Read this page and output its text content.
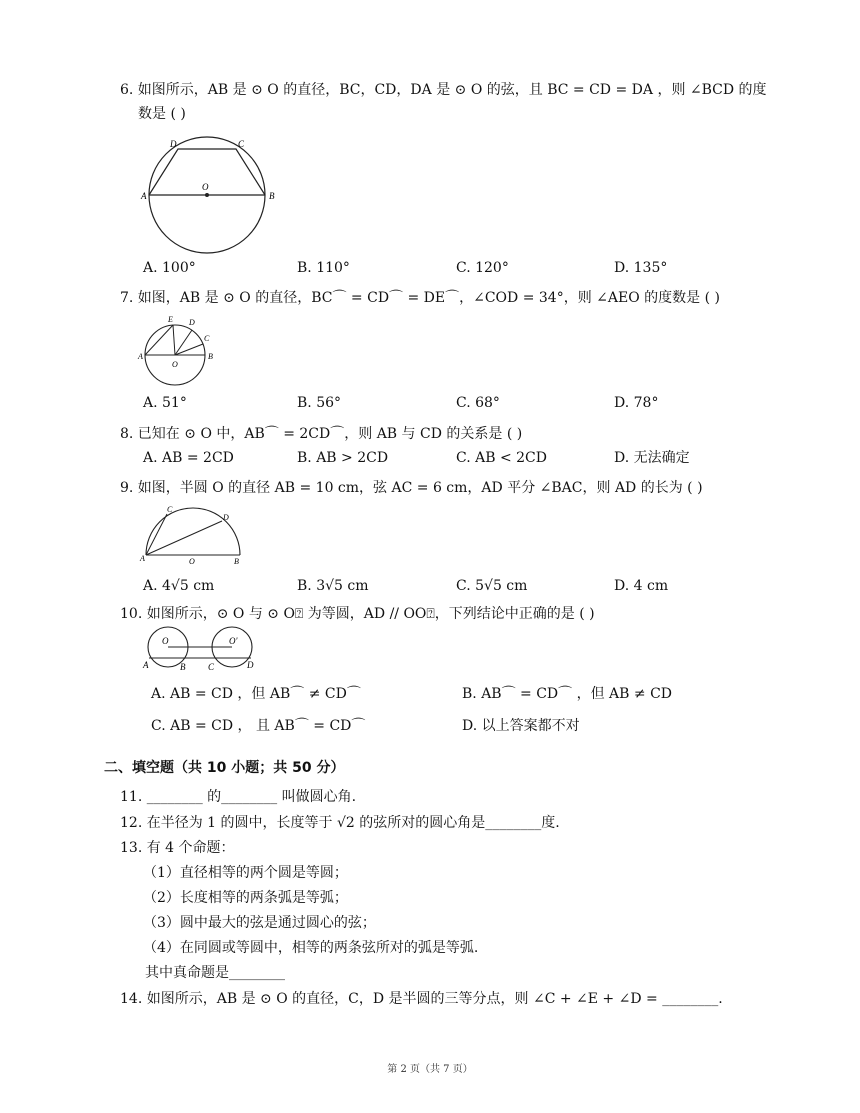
6. 如图所示，AB 是 ⊙ O 的直径，BC，CD，DA 是 ⊙ O 的弦，且 BC = CD = DA ，则 ∠BCD 的度
数是 ( )
A	B
C
D
O
A. 100°	B. 110°	C. 120°	D. 135°
7. 如图，AB 是 ⊙ O 的直径，BC⌒ = CD⌒ = DE⌒，∠COD = 34°，则 ∠AEO 的度数是 ( )
A	B
C
D
E
O
A. 51°	B. 56°	C. 68°	D. 78°
8. 已知在 ⊙ O 中，AB⌒ = 2CD⌒，则 AB 与 CD 的关系是 ( )
A. AB = 2CD	B. AB > 2CD	C. AB < 2CD	D. 无法确定
9. 如图，半圆 O 的直径 AB = 10 cm，弦 AC = 6 cm，AD 平分 ∠BAC，则 AD 的长为 ( )
A	B
C
D
O
A. 4√5 cm	B. 3√5 cm	C. 5√5 cm	D. 4 cm
10. 如图所示，⊙ O 与 ⊙ O⍰ 为等圆，AD // OO⍰，下列结论中正确的是 ( )
O	O'
A	B	C	D
A. AB = CD ，但 AB⌒ ≠ CD⌒	B. AB⌒ = CD⌒ ，但 AB ≠ CD
C. AB = CD ， 且 AB⌒ = CD⌒	D. 以上答案都不对
二、填空题（共 10 小题；共 50 分）
11. ________ 的________ 叫做圆心角.
12. 在半径为 1 的圆中，长度等于 √2 的弦所对的圆心角是________度.
13. 有 4 个命题：
（1）直径相等的两个圆是等圆；
（2）长度相等的两条弧是等弧；
（3）圆中最大的弦是通过圆心的弦；
（4）在同圆或等圆中，相等的两条弦所对的弧是等弧.
其中真命题是________
14. 如图所示，AB 是 ⊙ O 的直径，C，D 是半圆的三等分点，则 ∠C + ∠E + ∠D = ________.
第 2 页（共 7 页）
